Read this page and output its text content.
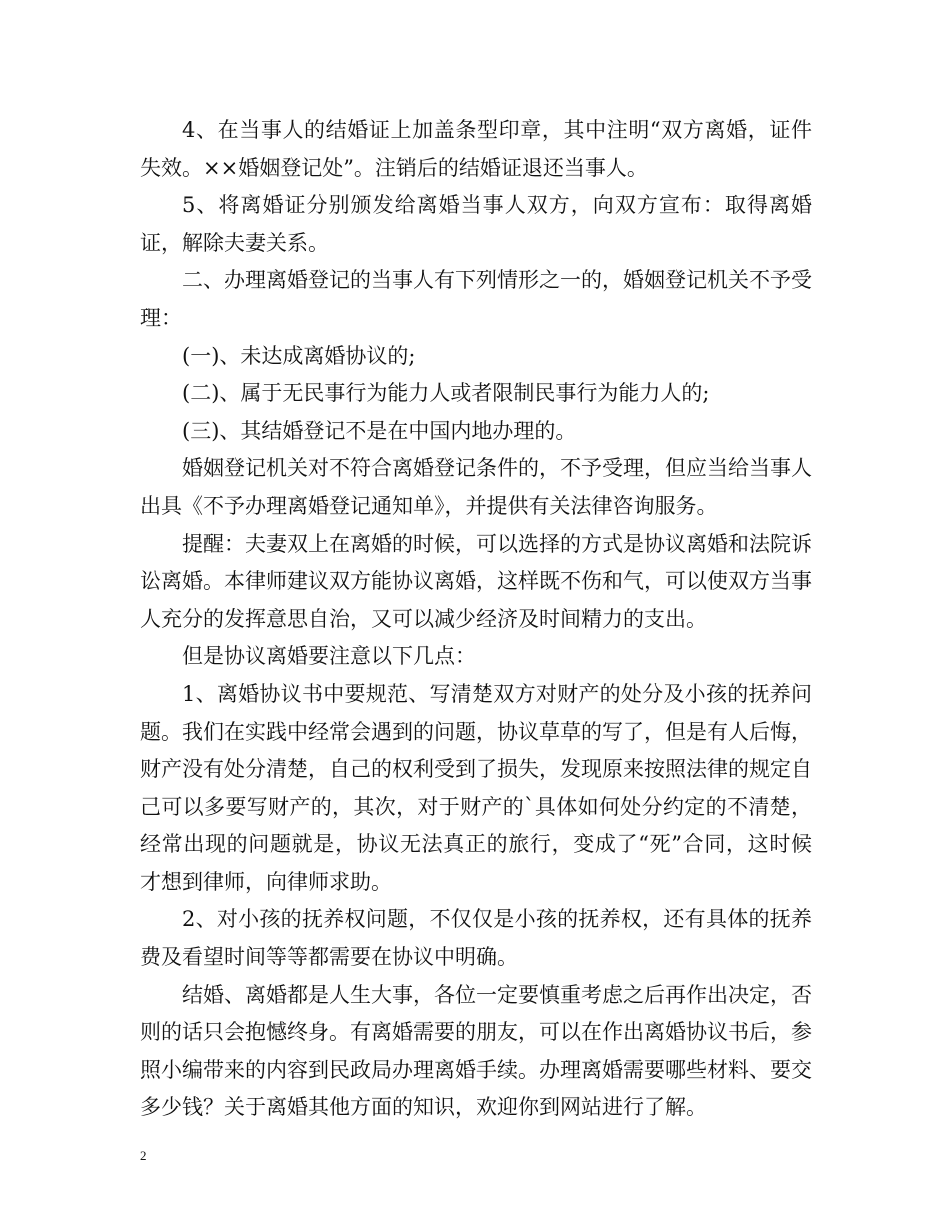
4、在当事人的结婚证上加盖条型印章，其中注明“双方离婚，证件失效。××婚姻登记处”。注销后的结婚证退还当事人。

5、将离婚证分别颁发给离婚当事人双方，向双方宣布：取得离婚证，解除夫妻关系。

二、办理离婚登记的当事人有下列情形之一的，婚姻登记机关不予受理：

(一)、未达成离婚协议的;

(二)、属于无民事行为能力人或者限制民事行为能力人的;

(三)、其结婚登记不是在中国内地办理的。

婚姻登记机关对不符合离婚登记条件的，不予受理，但应当给当事人出具《不予办理离婚登记通知单》，并提供有关法律咨询服务。

提醒：夫妻双上在离婚的时候，可以选择的方式是协议离婚和法院诉讼离婚。本律师建议双方能协议离婚，这样既不伤和气，可以使双方当事人充分的发挥意思自治，又可以减少经济及时间精力的支出。

但是协议离婚要注意以下几点：

1、离婚协议书中要规范、写清楚双方对财产的处分及小孩的抚养问题。我们在实践中经常会遇到的问题，协议草草的写了，但是有人后悔，财产没有处分清楚，自己的权利受到了损失，发现原来按照法律的规定自己可以多要写财产的，其次，对于财产的`具体如何处分约定的不清楚，经常出现的问题就是，协议无法真正的旅行，变成了“死”合同，这时候才想到律师，向律师求助。

2、对小孩的抚养权问题，不仅仅是小孩的抚养权，还有具体的抚养费及看望时间等等都需要在协议中明确。

结婚、离婚都是人生大事，各位一定要慎重考虑之后再作出决定，否则的话只会抱憾终身。有离婚需要的朋友，可以在作出离婚协议书后，参照小编带来的内容到民政局办理离婚手续。办理离婚需要哪些材料、要交多少钱？关于离婚其他方面的知识，欢迎你到网站进行了解。

2
